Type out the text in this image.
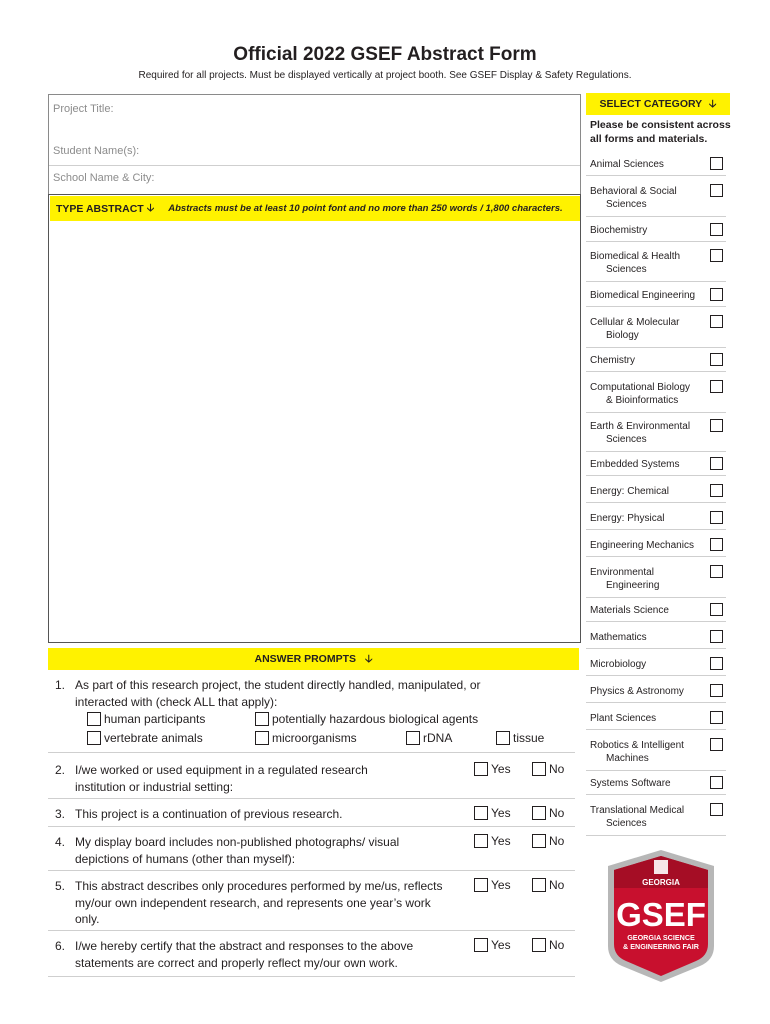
Official 2022 GSEF Abstract Form
Required for all projects. Must be displayed vertically at project booth. See GSEF Display & Safety Regulations.
Project Title:
Student Name(s):
School Name & City:
TYPE ABSTRACT 🡣 Abstracts must be at least 10 point font and no more than 250 words / 1,800 characters.
ANSWER PROMPTS 🡣
1. As part of this research project, the student directly handled, manipulated, or interacted with (check ALL that apply):
human participants	potentially hazardous biological agents
vertebrate animals	microorganisms	rDNA	tissue
2. I/we worked or used equipment in a regulated research institution or industrial setting:
Yes	No
3. This project is a continuation of previous research.	Yes	No
4. My display board includes non-published photographs/ visual depictions of humans (other than myself):
Yes	No
5. This abstract describes only procedures performed by me/us, reflects my/our own independent research, and represents one year’s work only.
Yes	No
6. I/we hereby certify that the abstract and responses to the above statements are correct and properly reflect my/our own work.
Yes	No
SELECT CATEGORY 🡣
Please be consistent across all forms and materials.
Animal Sciences
Behavioral & Social
Sciences
Biochemistry
Biomedical & Health
Sciences
Biomedical Engineering
Cellular & Molecular
Biology
Chemistry
Computational Biology
& Bioinformatics
Earth & Environmental
Sciences
Embedded Systems
Energy: Chemical
Energy: Physical
Engineering Mechanics
Environmental
Engineering
Materials Science
Mathematics
Microbiology
Physics & Astronomy
Plant Sciences
Robotics & Intelligent
Machines
Systems Software
Translational Medical
Sciences
GEORGIA
GSEF
GEORGIA SCIENCE
& ENGINEERING FAIR
